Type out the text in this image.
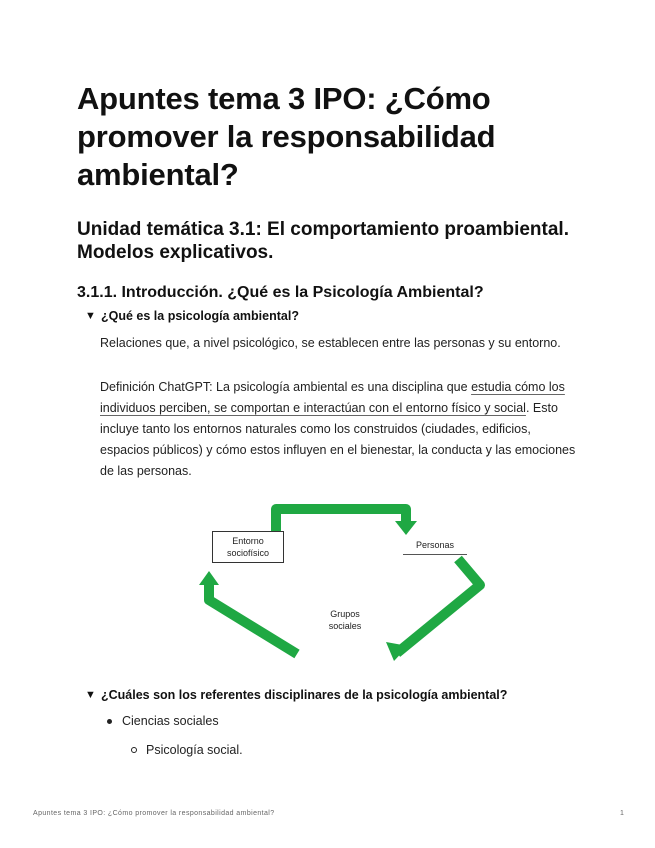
Apuntes tema 3 IPO: ¿Cómo promover la responsabilidad ambiental?
Unidad temática 3.1: El comportamiento proambiental. Modelos explicativos.
3.1.1. Introducción. ¿Qué es la Psicología Ambiental?
▼ ¿Qué es la psicología ambiental?

Relaciones que, a nivel psicológico, se establecen entre las personas y su entorno.

Definición ChatGPT: La psicología ambiental es una disciplina que estudia cómo los individuos perciben, se comportan e interactúan con el entorno físico y social. Esto incluye tanto los entornos naturales como los construidos (ciudades, edificios, espacios públicos) y cómo estos influyen en el bienestar, la conducta y las emociones de las personas.

Entorno sociofísico
Personas
Grupos sociales
▼ ¿Cuáles son los referentes disciplinares de la psicología ambiental?
Ciencias sociales
Psicología social.
Apuntes tema 3 IPO: ¿Cómo promover la responsabilidad ambiental?	1
